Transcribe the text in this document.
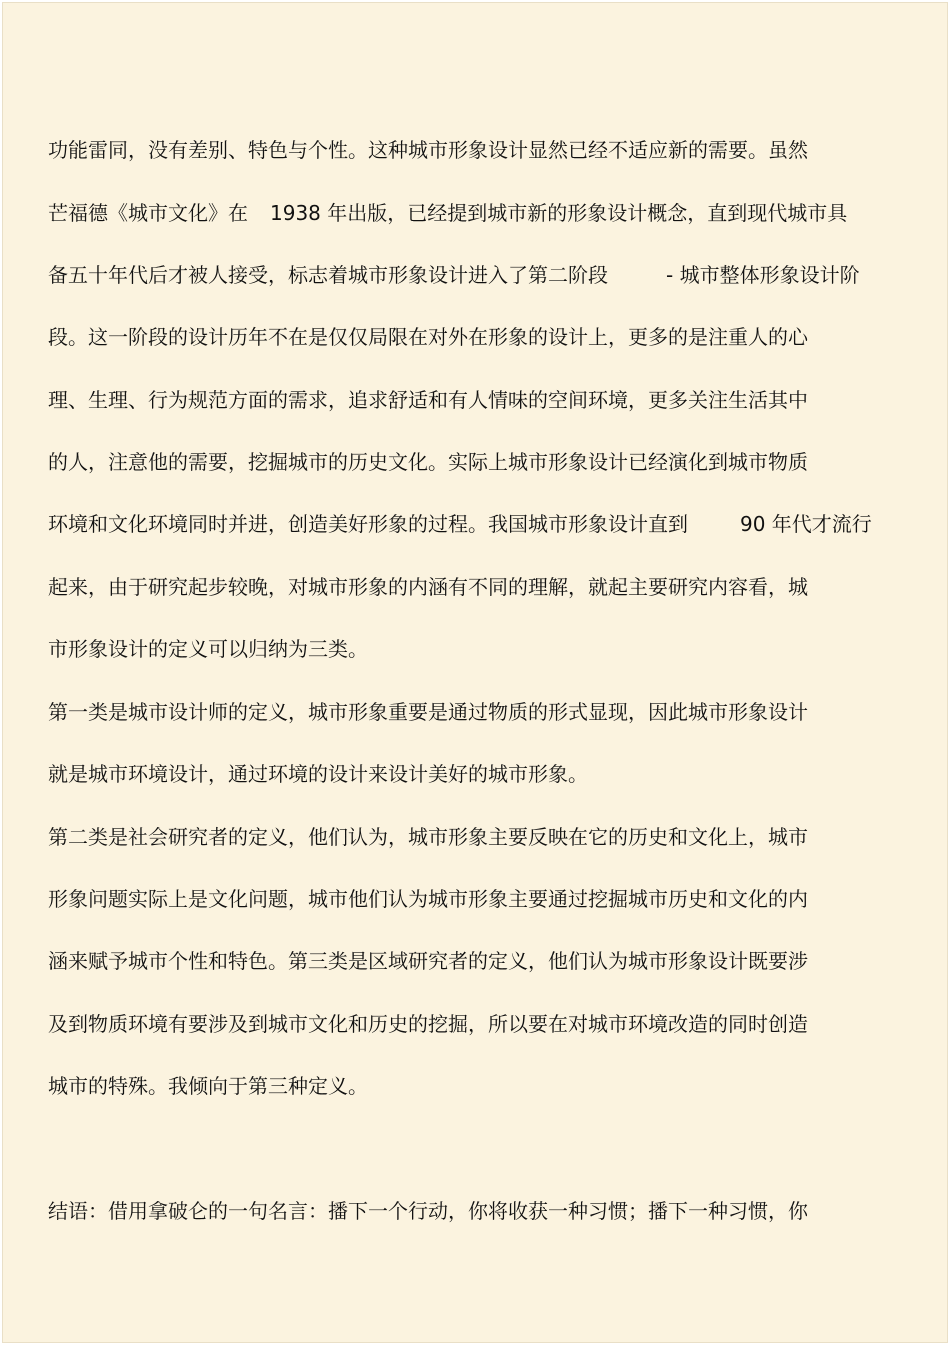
功能雷同，没有差别、特色与个性。这种城市形象设计显然已经不适应新的需要。虽然
芒福德《城市文化》在 1938 年出版，已经提到城市新的形象设计概念，直到现代城市具
备五十年代后才被人接受，标志着城市形象设计进入了第二阶段	- 城市整体形象设计阶
段。这一阶段的设计历年不在是仅仅局限在对外在形象的设计上，更多的是注重人的心
理、生理、行为规范方面的需求，追求舒适和有人情味的空间环境，更多关注生活其中
的人，注意他的需要，挖掘城市的历史文化。实际上城市形象设计已经演化到城市物质
环境和文化环境同时并进，创造美好形象的过程。我国城市形象设计直到	90 年代才流行
起来，由于研究起步较晚，对城市形象的内涵有不同的理解，就起主要研究内容看，城
市形象设计的定义可以归纳为三类。
第一类是城市设计师的定义，城市形象重要是通过物质的形式显现，因此城市形象设计
就是城市环境设计，通过环境的设计来设计美好的城市形象。
第二类是社会研究者的定义，他们认为，城市形象主要反映在它的历史和文化上，城市
形象问题实际上是文化问题，城市他们认为城市形象主要通过挖掘城市历史和文化的内
涵来赋予城市个性和特色。第三类是区域研究者的定义，他们认为城市形象设计既要涉
及到物质环境有要涉及到城市文化和历史的挖掘，所以要在对城市环境改造的同时创造
城市的特殊。我倾向于第三种定义。
结语：借用拿破仑的一句名言：播下一个行动，你将收获一种习惯；播下一种习惯，你
